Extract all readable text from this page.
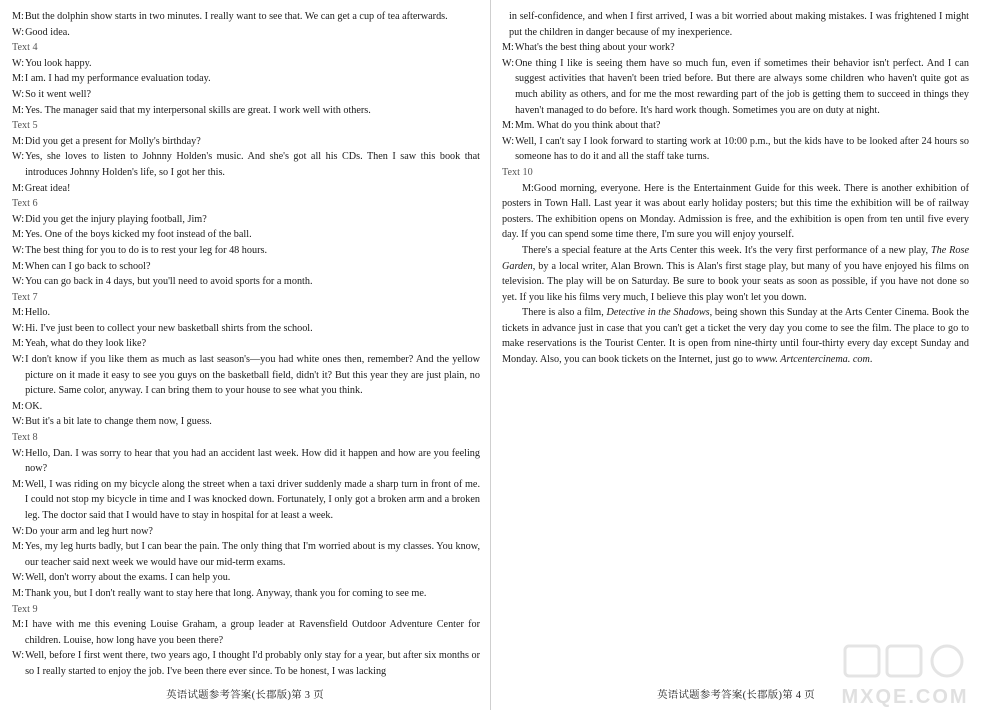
M: But the dolphin show starts in two minutes. I really want to see that. We can get a cup of tea afterwards.
W: Good idea.
Text 4
W: You look happy.
M: I am. I had my performance evaluation today.
W: So it went well?
M: Yes. The manager said that my interpersonal skills are great. I work well with others.
Text 5
M: Did you get a present for Molly's birthday?
W: Yes, she loves to listen to Johnny Holden's music. And she's got all his CDs. Then I saw this book that introduces Johnny Holden's life, so I got her this.
M: Great idea!
Text 6
W: Did you get the injury playing football, Jim?
M: Yes. One of the boys kicked my foot instead of the ball.
W: The best thing for you to do is to rest your leg for 48 hours.
M: When can I go back to school?
W: You can go back in 4 days, but you'll need to avoid sports for a month.
Text 7
M: Hello.
W: Hi. I've just been to collect your new basketball shirts from the school.
M: Yeah, what do they look like?
W: I don't know if you like them as much as last season's—you had white ones then, remember? And the yellow picture on it made it easy to see you guys on the basketball field, didn't it? But this year they are just plain, no picture. Same color, anyway. I can bring them to your house to see what you think.
M: OK.
W: But it's a bit late to change them now, I guess.
Text 8
W: Hello, Dan. I was sorry to hear that you had an accident last week. How did it happen and how are you feeling now?
M: Well, I was riding on my bicycle along the street when a taxi driver suddenly made a sharp turn in front of me. I could not stop my bicycle in time and I was knocked down. Fortunately, I only got a broken arm and a broken leg. The doctor said that I would have to stay in hospital for at least a week.
W: Do your arm and leg hurt now?
M: Yes, my leg hurts badly, but I can bear the pain. The only thing that I'm worried about is my classes. You know, our teacher said next week we would have our mid-term exams.
W: Well, don't worry about the exams. I can help you.
M: Thank you, but I don't really want to stay here that long. Anyway, thank you for coming to see me.
Text 9
M: I have with me this evening Louise Graham, a group leader at Ravensfield Outdoor Adventure Center for children. Louise, how long have you been there?
W: Well, before I first went there, two years ago, I thought I'd probably only stay for a year, but after six months or so I really started to enjoy the job. I've been there ever since. To be honest, I was lacking
英语试题参考答案(长郡版)第 3 页
in self-confidence, and when I first arrived, I was a bit worried about making mistakes. I was frightened I might put the children in danger because of my inexperience.
M: What's the best thing about your work?
W: One thing I like is seeing them have so much fun, even if sometimes their behavior isn't perfect. And I can suggest activities that haven't been tried before. But there are always some children who haven't quite got as much ability as others, and for me the most rewarding part of the job is getting them to succeed in things they haven't managed to do before. It's hard work though. Sometimes you are on duty at night.
M: Mm. What do you think about that?
W: Well, I can't say I look forward to starting work at 10:00 p.m., but the kids have to be looked after 24 hours so someone has to do it and all the staff take turns.
Text 10
M:Good morning, everyone. Here is the Entertainment Guide for this week. There is another exhibition of posters in Town Hall. Last year it was about early holiday posters; but this time the exhibition will be of railway posters. The exhibition opens on Monday. Admission is free, and the exhibition is open from ten until five every day. If you can spend some time there, I'm sure you will enjoy yourself.
There's a special feature at the Arts Center this week. It's the very first performance of a new play, The Rose Garden, by a local writer, Alan Brown. This is Alan's first stage play, but many of you have enjoyed his films on television. The play will be on Saturday. Be sure to book your seats as soon as possible, if you have not done so yet. If you like his films very much, I believe this play won't let you down.
There is also a film, Detective in the Shadows, being shown this Sunday at the Arts Center Cinema. Book the tickets in advance just in case that you can't get a ticket the very day you come to see the film. The place to go to make reservations is the Tourist Center. It is open from nine-thirty until four-thirty every day except Sunday and Monday. Also, you can book tickets on the Internet, just go to www. Artcentercinema. com.
英语试题参考答案(长郡版)第 4 页	MXQE.COM
